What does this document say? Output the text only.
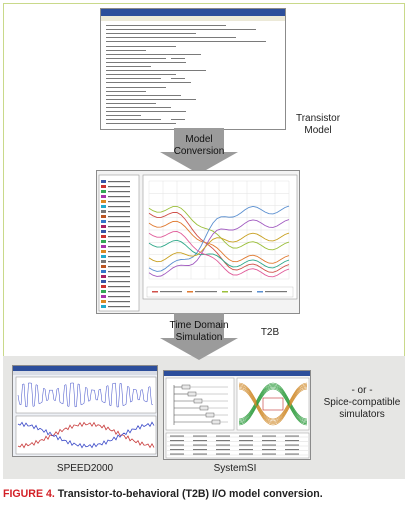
Transistor
Model
Model
Conversion
T2B
Time Domain
Simulation
SPEED2000	SystemSI
- or -
Spice-compatible
simulators
FIGURE 4. Transistor-to-behavioral (T2B) I/O model conversion.
